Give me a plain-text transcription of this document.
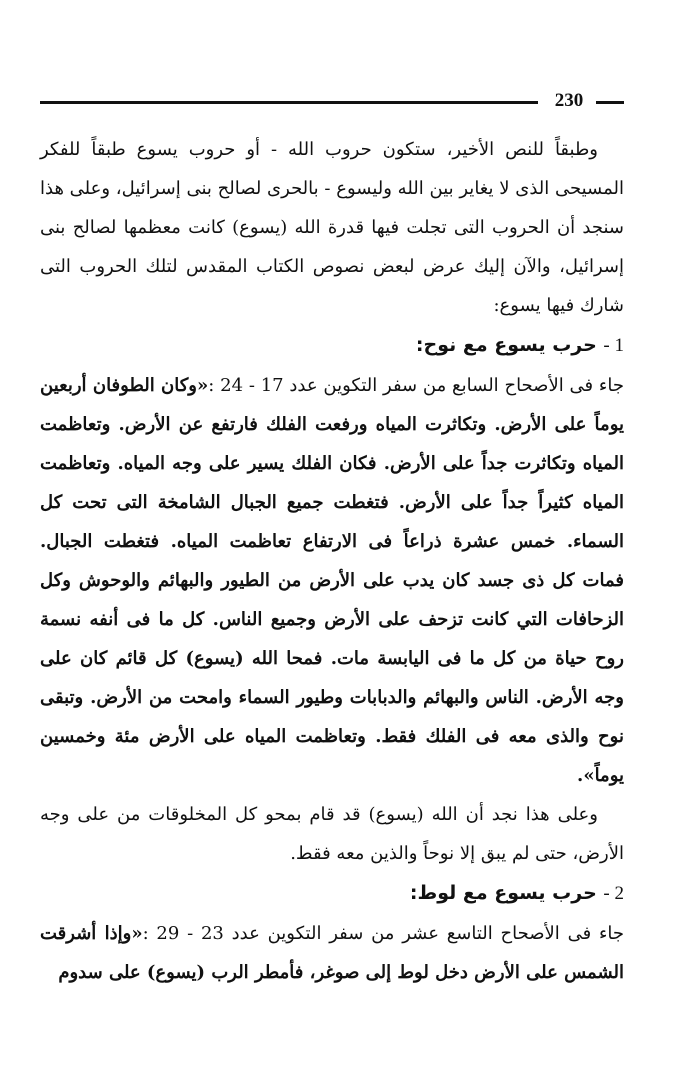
230

وطبقاً للنص الأخير، ستكون حروب الله - أو حروب يسوع طبقاً للفكر المسيحى الذى لا يغاير بين الله وليسوع - بالحرى لصالح بنى إسرائيل، وعلى هذا سنجد أن الحروب التى تجلت فيها قدرة الله (يسوع) كانت معظمها لصالح بنى إسرائيل، والآن إليك عرض لبعض نصوص الكتاب المقدس لتلك الحروب التى شارك فيها يسوع:

1 - حرب يسوع مع نوح:

جاء فى الأصحاح السابع من سفر التكوين عدد 17 - 24 :«وكان الطوفان أربعين يوماً على الأرض. وتكاثرت المياه ورفعت الفلك فارتفع عن الأرض. وتعاظمت المياه وتكاثرت جداً على الأرض. فكان الفلك يسير على وجه المياه. وتعاظمت المياه كثيراً جداً على الأرض. فتغطت جميع الجبال الشامخة التى تحت كل السماء. خمس عشرة ذراعاً فى الارتفاع تعاظمت المياه. فتغطت الجبال. فمات كل ذى جسد كان يدب على الأرض من الطيور والبهائم والوحوش وكل الزحافات التي كانت تزحف على الأرض وجميع الناس. كل ما فى أنفه نسمة روح حياة من كل ما فى اليابسة مات. فمحا الله (يسوع) كل قائم كان على وجه الأرض. الناس والبهائم والدبابات وطيور السماء وامحت من الأرض. وتبقى نوح والذى معه فى الفلك فقط. وتعاظمت المياه على الأرض مئة وخمسين يوماً».

وعلى هذا نجد أن الله (يسوع) قد قام بمحو كل المخلوقات من على وجه الأرض، حتى لم يبق إلا نوحاً والذين معه فقط.

2 - حرب يسوع مع لوط:

جاء فى الأصحاح التاسع عشر من سفر التكوين عدد 23 - 29 :«وإذا أشرقت الشمس على الأرض دخل لوط إلى صوغر، فأمطر الرب (يسوع) على سدوم
